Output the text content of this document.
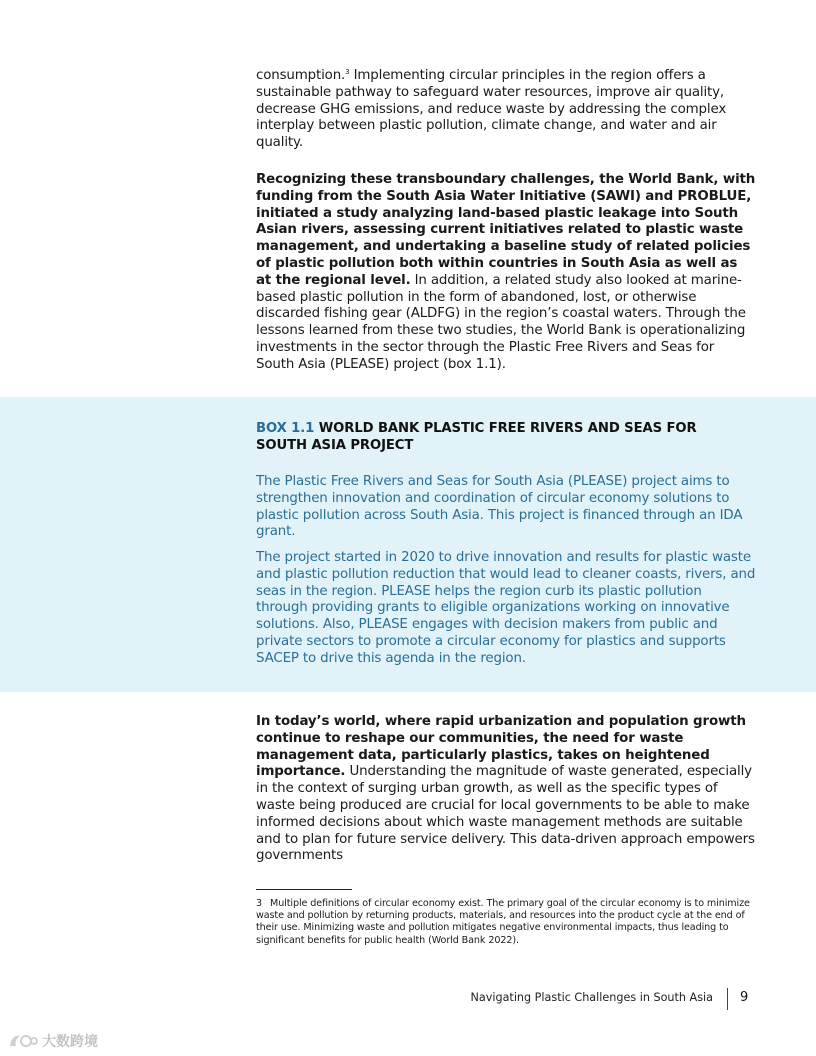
consumption.$^3$ Implementing circular principles in the region offers a sustainable pathway to safeguard water resources, improve air quality, decrease GHG emissions, and reduce waste by addressing the complex interplay between plastic pollution, climate change, and water and air quality.

Recognizing these transboundary challenges, the World Bank, with funding from the South Asia Water Initiative (SAWI) and PROBLUE, initiated a study analyzing land-based plastic leakage into South Asian rivers, assessing current initiatives related to plastic waste management, and undertaking a baseline study of related policies of plastic pollution both within countries in South Asia as well as at the regional level. In addition, a related study also looked at marine-based plastic pollution in the form of abandoned, lost, or otherwise discarded fishing gear (ALDFG) in the region’s coastal waters. Through the lessons learned from these two studies, the World Bank is operationalizing investments in the sector through the Plastic Free Rivers and Seas for South Asia (PLEASE) project (box 1.1).

BOX 1.1 WORLD BANK PLASTIC FREE RIVERS AND SEAS FOR SOUTH ASIA PROJECT

The Plastic Free Rivers and Seas for South Asia (PLEASE) project aims to strengthen innovation and coordination of circular economy solutions to plastic pollution across South Asia. This project is financed through an IDA grant.

The project started in 2020 to drive innovation and results for plastic waste and plastic pollution reduction that would lead to cleaner coasts, rivers, and seas in the region. PLEASE helps the region curb its plastic pollution through providing grants to eligible organizations working on innovative solutions. Also, PLEASE engages with decision makers from public and private sectors to promote a circular economy for plastics and supports SACEP to drive this agenda in the region.

In today’s world, where rapid urbanization and population growth continue to reshape our communities, the need for waste management data, particularly plastics, takes on heightened importance. Understanding the magnitude of waste generated, especially in the context of surging urban growth, as well as the specific types of waste being produced are crucial for local governments to be able to make informed decisions about which waste management methods are suitable and to plan for future service delivery. This data-driven approach empowers governments

3 Multiple definitions of circular economy exist. The primary goal of the circular economy is to minimize waste and pollution by returning products, materials, and resources into the product cycle at the end of their use. Minimizing waste and pollution mitigates negative environmental impacts, thus leading to significant benefits for public health (World Bank 2022).
Navigating Plastic Challenges in South Asia 9
大数跨境
